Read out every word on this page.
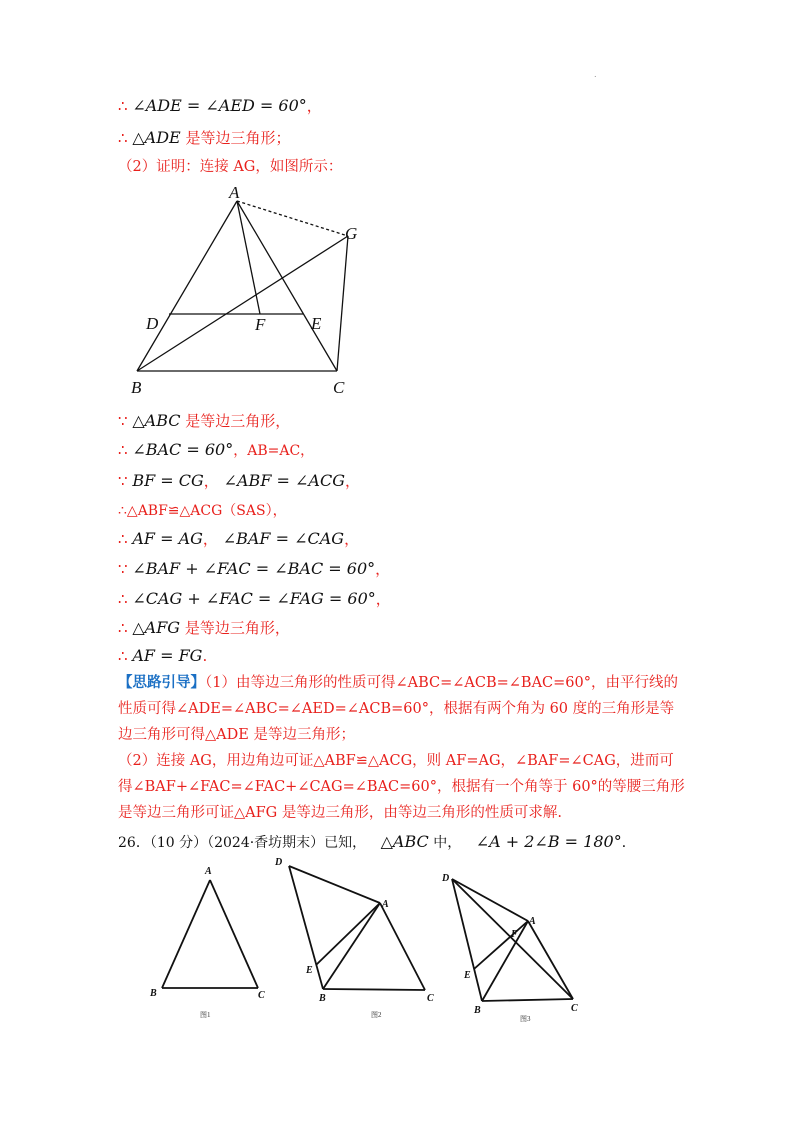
.
∴ ∠ADE = ∠AED = 60°，
∴ △ADE 是等边三角形；
（2）证明：连接 AG，如图所示：
A
G
D	F	E
B	C
∵ △ABC 是等边三角形，
∴ ∠BAC = 60°，AB=AC，
∵ BF = CG， ∠ABF = ∠ACG，
∴△ABF≌△ACG（SAS），
∴ AF = AG， ∠BAF = ∠CAG，
∵ ∠BAF + ∠FAC = ∠BAC = 60°，
∴ ∠CAG + ∠FAC = ∠FAG = 60°，
∴ △AFG 是等边三角形，
∴ AF = FG.
【思路引导】（1）由等边三角形的性质可得∠ABC=∠ACB=∠BAC=60°，由平行线的性质可得∠ADE=∠ABC=∠AED=∠ACB=60°，根据有两个角为 60 度的三角形是等边三角形可得△ADE 是等边三角形；
（2）连接 AG，用边角边可证△ABF≌△ACG，则 AF=AG，∠BAF=∠CAG，进而可得∠BAF+∠FAC=∠FAC+∠CAG=∠BAC=60°，根据有一个角等于 60°的等腰三角形是等边三角形可证△AFG 是等边三角形，由等边三角形的性质可求解.
26．（10 分）（2024·香坊期末）已知， △ABC 中， ∠A + 2∠B = 180°．
A
B	C
图1
D
A
E
B	C
图2
D
A
F
E
B	C
图3
